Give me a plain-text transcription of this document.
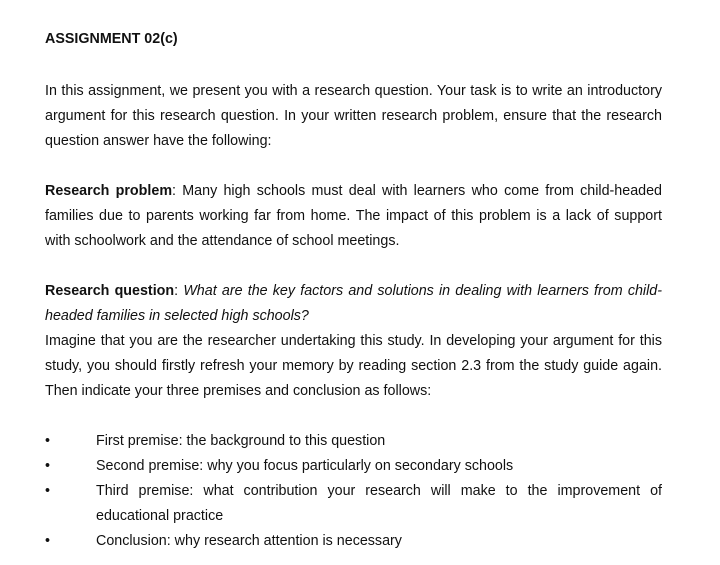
ASSIGNMENT 02(c)

In this assignment, we present you with a research question. Your task is to write an introductory argument for this research question. In your written research problem, ensure that the research question answer have the following:

Research problem: Many high schools must deal with learners who come from child-headed families due to parents working far from home. The impact of this problem is a lack of support with schoolwork and the attendance of school meetings.

Research question: What are the key factors and solutions in dealing with learners from child-headed families in selected high schools?

Imagine that you are the researcher undertaking this study. In developing your argument for this study, you should firstly refresh your memory by reading section 2.3 from the study guide again. Then indicate your three premises and conclusion as follows:

•	First premise: the background to this question
•	Second premise: why you focus particularly on secondary schools
•	Third premise: what contribution your research will make to the improvement of educational practice
•	Conclusion: why research attention is necessary
